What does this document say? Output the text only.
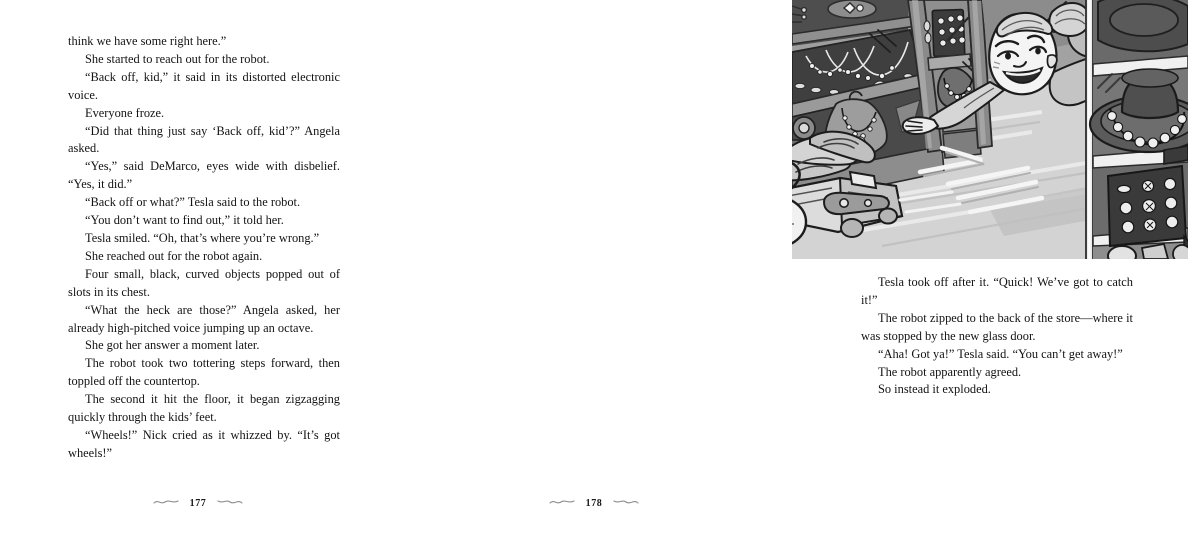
think we have some right here.”

She started to reach out for the robot.

“Back off, kid,” it said in its distorted electronic voice.

Everyone froze.

“Did that thing just say ‘Back off, kid’?” Angela asked.

“Yes,” said DeMarco, eyes wide with disbelief. “Yes, it did.”

“Back off or what?” Tesla said to the robot.

“You don’t want to find out,” it told her.

Tesla smiled. “Oh, that’s where you’re wrong.”

She reached out for the robot again.

Four small, black, curved objects popped out of slots in its chest.

“What the heck are those?” Angela asked, her already high-pitched voice jumping up an octave.

She got her answer a moment later.

The robot took two tottering steps forward, then toppled off the countertop.

The second it hit the floor, it began zigzagging quickly through the kids’ feet.

“Wheels!” Nick cried as it whizzed by. “It’s got wheels!”

177

Tesla took off after it. “Quick! We’ve got to catch it!”

The robot zipped to the back of the store—where it was stopped by the new glass door.

“Aha! Got ya!” Tesla said. “You can’t get away!”

The robot apparently agreed.

So instead it exploded.

178
